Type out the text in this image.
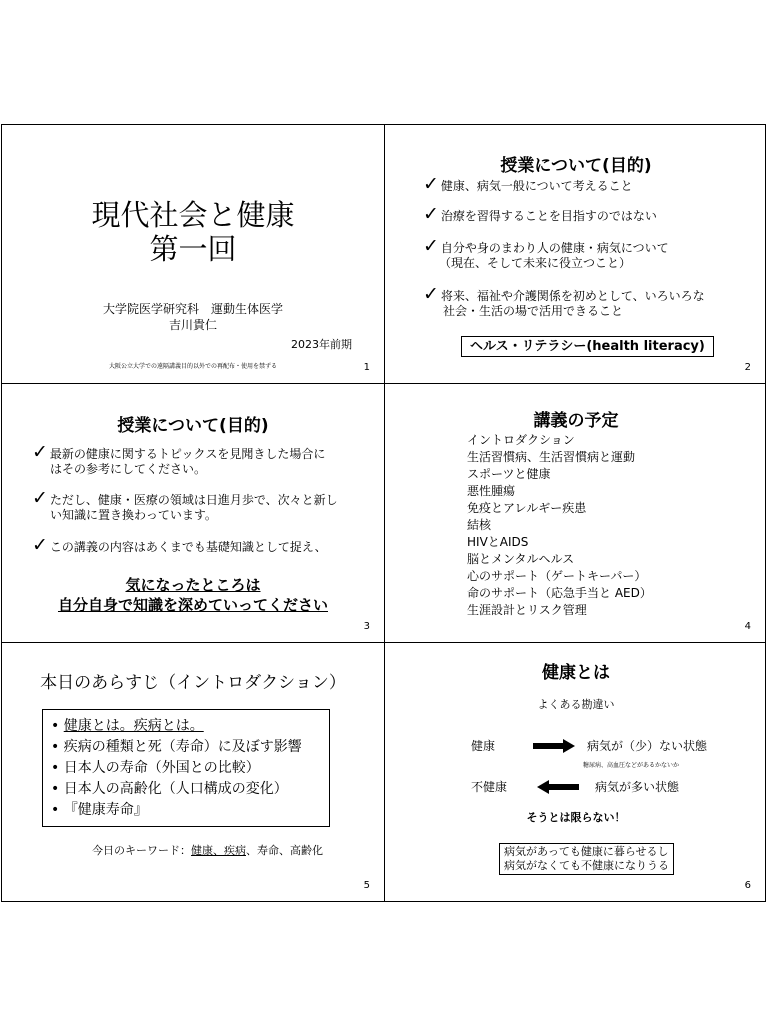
現代社会と健康
第一回
大学院医学研究科　運動生体医学
吉川貴仁
2023年前期
大阪公立大学での遠隔講義目的以外での再配布・使用を禁ずる	1
授業について(目的)
✓ 健康、病気一般について考えること
✓ 治療を習得することを目指すのではない
✓ 自分や身のまわり人の健康・病気について
（現在、そして未来に役立つこと）
✓ 将来、福祉や介護関係を初めとして、いろいろな
社会・生活の場で活用できること
ヘルス・リテラシー(health literacy)
2
授業について(目的)
✓ 最新の健康に関するトピックスを見聞きした場合に
はその参考にしてください。
✓ ただし、健康・医療の領域は日進月歩で、次々と新し
い知識に置き換わっています。
✓ この講義の内容はあくまでも基礎知識として捉え、
気になったところは
自分自身で知識を深めていってください
3
講義の予定
イントロダクション
生活習慣病、生活習慣病と運動
スポーツと健康
悪性腫瘍
免疫とアレルギー疾患
結核
HIVとAIDS
脳とメンタルヘルス
心のサポート（ゲートキーパー）
命のサポート（応急手当と AED）
生涯設計とリスク管理
4
本日のあらすじ（イントロダクション）
• 健康とは。疾病とは。
• 疾病の種類と死（寿命）に及ぼす影響
• 日本人の寿命（外国との比較）
• 日本人の高齢化（人口構成の変化）
• 『健康寿命』
今日のキーワード：健康、疾病、寿命、高齢化
5
健康とは
よくある勘違い
健康	病気が（少）ない状態
糖尿病、高血圧などがあるかないか
不健康	病気が多い状態
そうとは限らない！
病気があっても健康に暮らせるし
病気がなくても不健康になりうる
6
